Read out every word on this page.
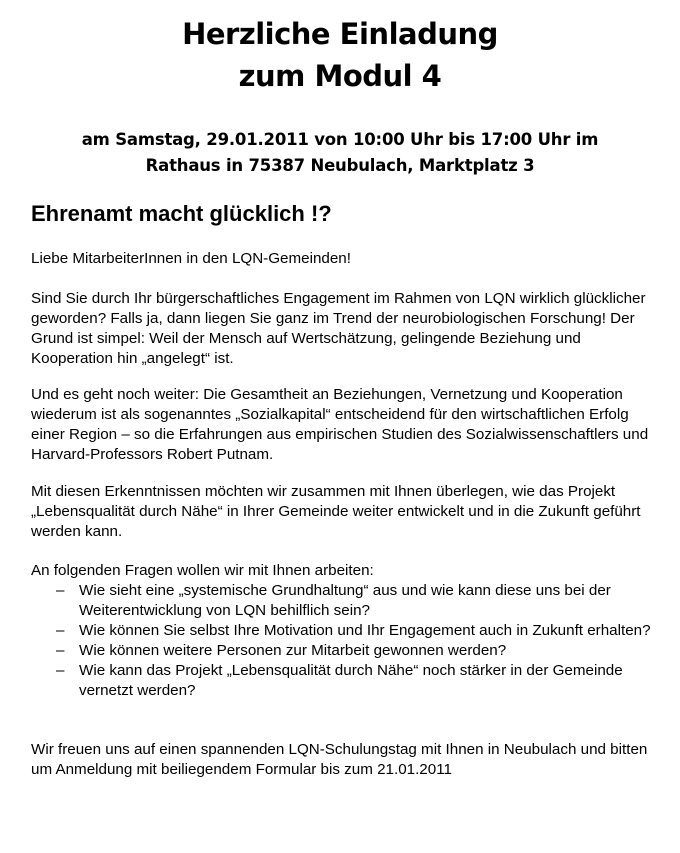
Herzliche Einladung
zum Modul 4

am Samstag, 29.01.2011 von 10:00 Uhr bis 17:00 Uhr im

Rathaus in 75387 Neubulach, Marktplatz 3

Ehrenamt macht glücklich !?

Liebe MitarbeiterInnen in den LQN-Gemeinden!

Sind Sie durch Ihr bürgerschaftliches Engagement im Rahmen von LQN wirklich glücklicher geworden? Falls ja, dann liegen Sie ganz im Trend der neurobiologischen Forschung! Der Grund ist simpel: Weil der Mensch auf Wertschätzung, gelingende Beziehung und Kooperation hin „angelegt“ ist.

Und es geht noch weiter: Die Gesamtheit an Beziehungen, Vernetzung und Kooperation wiederum ist als sogenanntes „Sozialkapital“ entscheidend für den wirtschaftlichen Erfolg einer Region – so die Erfahrungen aus empirischen Studien des Sozialwissenschaftlers und Harvard-Professors Robert Putnam.

Mit diesen Erkenntnissen möchten wir zusammen mit Ihnen überlegen, wie das Projekt „Lebensqualität durch Nähe“ in Ihrer Gemeinde weiter entwickelt und in die Zukunft geführt werden kann.

An folgenden Fragen wollen wir mit Ihnen arbeiten:

– Wie sieht eine „systemische Grundhaltung“ aus und wie kann diese uns bei der Weiterentwicklung von LQN behilflich sein?
– Wie können Sie selbst Ihre Motivation und Ihr Engagement auch in Zukunft erhalten?
– Wie können weitere Personen zur Mitarbeit gewonnen werden?
– Wie kann das Projekt „Lebensqualität durch Nähe“ noch stärker in der Gemeinde vernetzt werden?

Wir freuen uns auf einen spannenden LQN-Schulungstag mit Ihnen in Neubulach und bitten um Anmeldung mit beiliegendem Formular bis zum 21.01.2011
